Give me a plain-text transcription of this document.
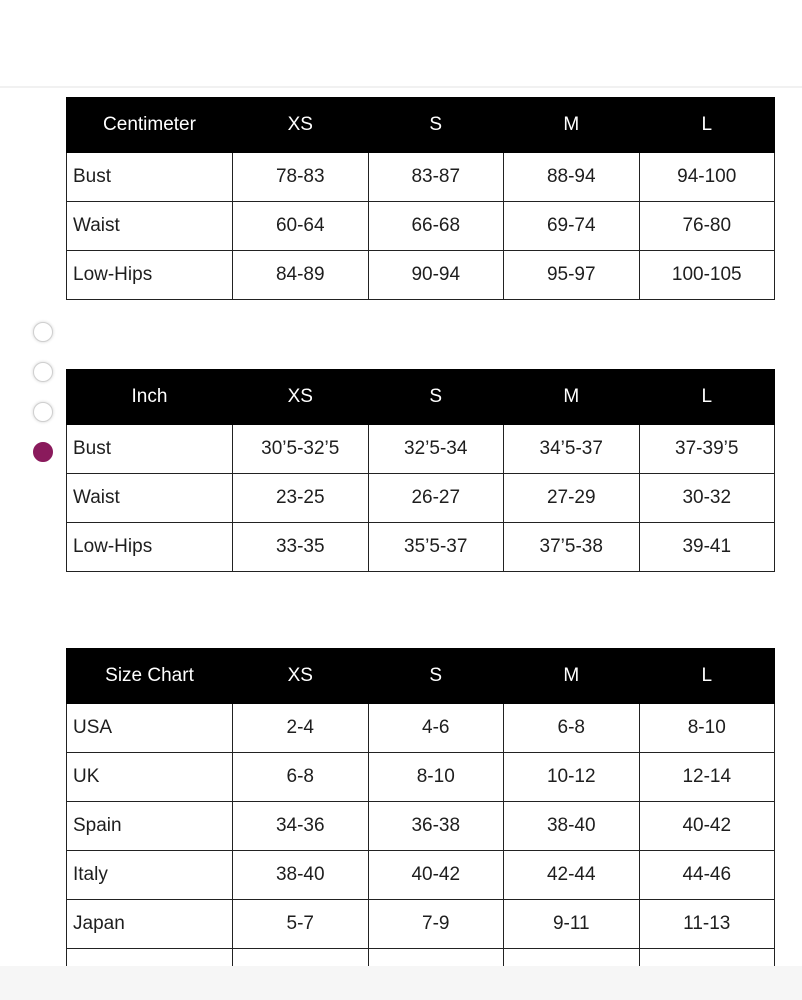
Centimeter	XS	S	M	L
Bust	78-83	83-87	88-94	94-100
Waist	60-64	66-68	69-74	76-80
Low-Hips	84-89	90-94	95-97	100-105
Inch	XS	S	M	L
Bust	30’5-32’5	32’5-34	34’5-37	37-39’5
Waist	23-25	26-27	27-29	30-32
Low-Hips	33-35	35’5-37	37’5-38	39-41
Size Chart	XS	S	M	L
USA	2-4	4-6	6-8	8-10
UK	6-8	8-10	10-12	12-14
Spain	34-36	36-38	38-40	40-42
Italy	38-40	40-42	42-44	44-46
Japan	5-7	7-9	9-11	11-13
